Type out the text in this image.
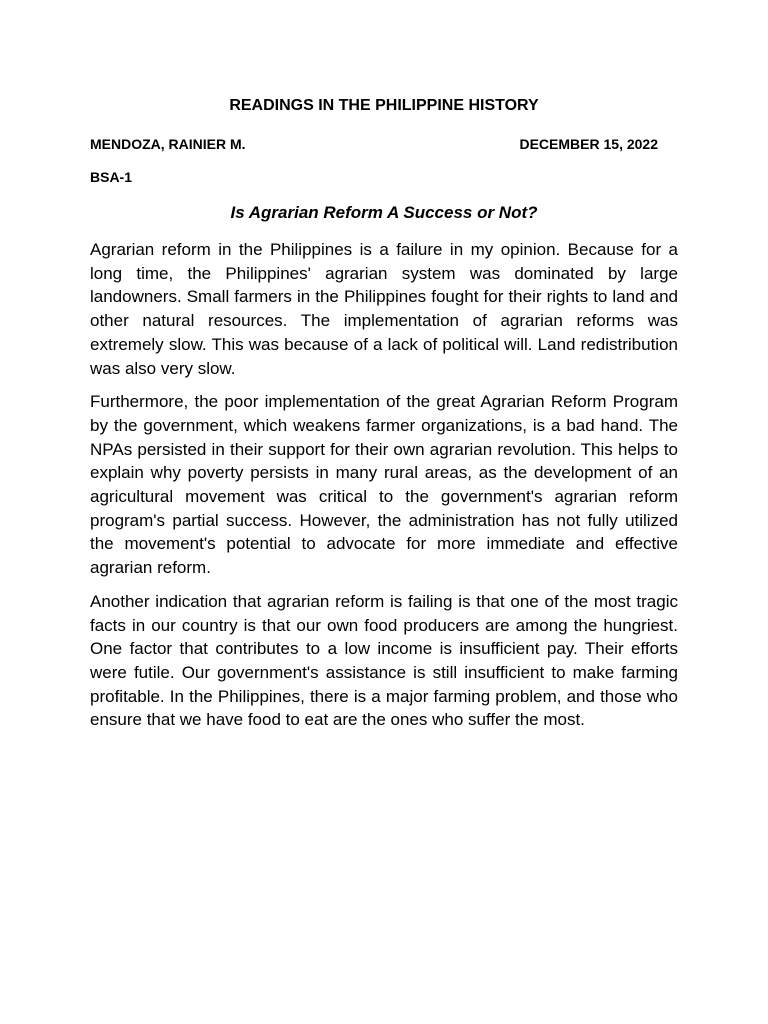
READINGS IN THE PHILIPPINE HISTORY
MENDOZA, RAINIER M.	DECEMBER 15, 2022
BSA-1
Is Agrarian Reform A Success or Not?

Agrarian reform in the Philippines is a failure in my opinion. Because for a long time, the Philippines' agrarian system was dominated by large landowners. Small farmers in the Philippines fought for their rights to land and other natural resources. The implementation of agrarian reforms was extremely slow. This was because of a lack of political will. Land redistribution was also very slow.

Furthermore, the poor implementation of the great Agrarian Reform Program by the government, which weakens farmer organizations, is a bad hand. The NPAs persisted in their support for their own agrarian revolution. This helps to explain why poverty persists in many rural areas, as the development of an agricultural movement was critical to the government's agrarian reform program's partial success. However, the administration has not fully utilized the movement's potential to advocate for more immediate and effective agrarian reform.

Another indication that agrarian reform is failing is that one of the most tragic facts in our country is that our own food producers are among the hungriest. One factor that contributes to a low income is insufficient pay. Their efforts were futile. Our government's assistance is still insufficient to make farming profitable. In the Philippines, there is a major farming problem, and those who ensure that we have food to eat are the ones who suffer the most.
